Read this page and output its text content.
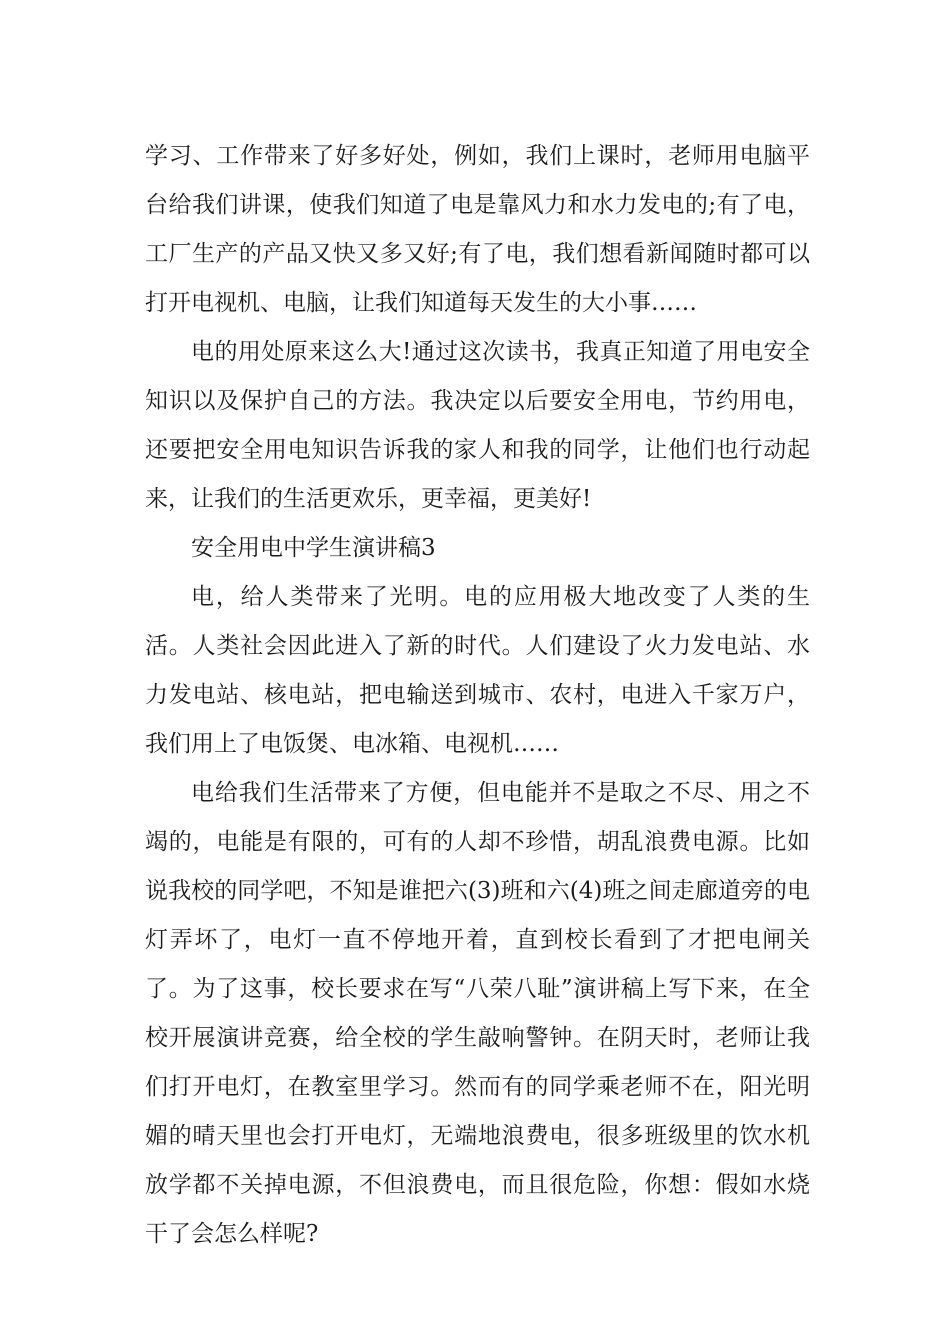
学习、工作带来了好多好处，例如，我们上课时，老师用电脑平台给我们讲课，使我们知道了电是靠风力和水力发电的;有了电，工厂生产的产品又快又多又好;有了电，我们想看新闻随时都可以打开电视机、电脑，让我们知道每天发生的大小事……

电的用处原来这么大!通过这次读书，我真正知道了用电安全知识以及保护自己的方法。我决定以后要安全用电，节约用电，还要把安全用电知识告诉我的家人和我的同学，让他们也行动起来，让我们的生活更欢乐，更幸福，更美好!

安全用电中学生演讲稿3

电，给人类带来了光明。电的应用极大地改变了人类的生活。人类社会因此进入了新的时代。人们建设了火力发电站、水力发电站、核电站，把电输送到城市、农村，电进入千家万户，我们用上了电饭煲、电冰箱、电视机……

电给我们生活带来了方便，但电能并不是取之不尽、用之不竭的，电能是有限的，可有的人却不珍惜，胡乱浪费电源。比如说我校的同学吧，不知是谁把六(3)班和六(4)班之间走廊道旁的电灯弄坏了，电灯一直不停地开着，直到校长看到了才把电闸关了。为了这事，校长要求在写“八荣八耻”演讲稿上写下来，在全校开展演讲竞赛，给全校的学生敲响警钟。在阴天时，老师让我们打开电灯，在教室里学习。然而有的同学乘老师不在，阳光明媚的晴天里也会打开电灯，无端地浪费电，很多班级里的饮水机放学都不关掉电源，不但浪费电，而且很危险，你想：假如水烧干了会怎么样呢?
